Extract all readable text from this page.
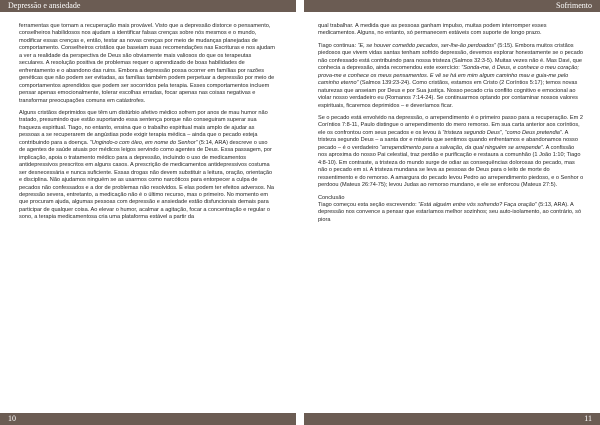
Depressão e ansiedade	Sofrimento

ferramentas que tornam a recuperação mais provável. Visto que a depressão distorce o pensamento, conselheiros habilidosos nos ajudam a identificar falsas crenças sobre nós mesmos e o mundo, modificar essas crenças e, então, testar as novas crenças por meio de mudanças planejadas de comportamento. Conselheiros cristãos que baseiam suas recomendações nas Escrituras e nos ajudam a ver a realidade da perspectiva de Deus são obviamente mais valiosos do que os terapeutas seculares. A resolução positiva de problemas requer o aprendizado de boas habilidades de enfrentamento e o abandono das ruins. Embora a depressão possa ocorrer em famílias por razões genéticas que não podem ser evitadas, as famílias também podem perpetuar a depressão por meio de comportamentos aprendidos que podem ser socorridos pela terapia. Esses comportamentos incluem pensar apenas emocionalmente, tolerar escolhas erradas, focar apenas nas coisas negativas e transformar preocupações comuns em catástrofes.

Alguns cristãos deprimidos que têm um distúrbio afetivo médico sofrem por anos de mau humor não tratado, presumindo que estão suportando essa sentença porque não conseguiram superar sua fraqueza espiritual. Tiago, no entanto, ensina que o trabalho espiritual mais amplo de ajudar as pessoas a se recuperarem de angústias pode exigir terapia médica – ainda que o pecado esteja contribuindo para a doença. “Ungindo-o com óleo, em nome do Senhor” (5:14, ARA) descreve o uso de agentes de saúde atuais por médicos leigos servindo como agentes de Deus. Essa passagem, por implicação, apoia o tratamento médico para a depressão, incluindo o uso de medicamentos antidepressivos prescritos em alguns casos. A prescrição de medicamentos antidepressivos costuma ser desnecessária e nunca suficiente. Essas drogas não devem substituir a leitura, oração, orientação e disciplina. Não ajudamos ninguém se as usarmos como narcóticos para entorpecer a culpa de pecados não confessados e a dor de problemas não resolvidos. E elas podem ter efeitos adversos. Na depressão severa, entretanto, a medicação não é o último recurso, mas o primeiro. No momento em que procuram ajuda, algumas pessoas com depressão e ansiedade estão disfuncionais demais para participar de qualquer coisa. Ao elevar o humor, acalmar a agitação, focar a concentração e regular o sono, a terapia medicamentosa cria uma plataforma estável a partir da

qual trabalhar. À medida que as pessoas ganham impulso, muitas podem interromper esses medicamentos. Alguns, no entanto, só permanecem estáveis com suporte de longo prazo.

Tiago continua: “E, se houver cometido pecados, ser-lhe-ão perdoados” (5:15). Embora muitos cristãos piedosos que vivem vidas santas tenham sofrido depressão, devemos explorar honestamente se o pecado não confessado está contribuindo para nossa tristeza (Salmos 32:3-5). Muitas vezes não é. Mas Davi, que conhecia a depressão, ainda recomendou este exercício: “Sonda-me, ó Deus, e conhece o meu coração; prova-me e conhece os meus pensamentos. E vê se há em mim algum caminho mau e guia-me pelo caminho eterno” (Salmos 139:23-24). Como cristãos, estamos em Cristo (2 Coríntios 5:17); temos novas naturezas que anseiam por Deus e por Sua justiça. Nosso pecado cria conflito cognitivo e emocional ao violar nosso verdadeiro eu (Romanos 7:14-24). Se continuarmos optando por contaminar nossos valores espirituais, ficaremos deprimidos – e deveríamos ficar.

Se o pecado está envolvido na depressão, o arrependimento é o primeiro passo para a recuperação. Em 2 Coríntios 7:8-11, Paulo distingue o arrependimento do mero remorso. Em sua carta anterior aos coríntios, ele os confrontou com seus pecados e os levou à “tristeza segundo Deus”, “como Deus pretendia”. A tristeza segundo Deus – a santa dor e miséria que sentimos quando enfrentamos e abandonamos nosso pecado – é o verdadeiro “arrependimento para a salvação, da qual ninguém se arrepende”. A confissão nos aproxima do nosso Pai celestial, traz perdão e purificação e restaura a comunhão (1 João 1:10; Tiago 4:8-10). Em contraste, a tristeza do mundo surge de odiar as consequências dolorosas do pecado, mas não o pecado em si. A tristeza mundana se leva as pessoas de Deus para o leito de morte do ressentimento e do remorso. A amargura do pecado levou Pedro ao arrependimento piedoso, e o Senhor o perdoou (Mateus 26:74-75); levou Judas ao remorso mundano, e ele se enforcou (Mateus 27:5).

Conclusão

Tiago começou esta seção escrevendo: “Está alguém entre vós sofrendo? Faça oração” (5:13, ARA). A depressão nos convence a pensar que estaríamos melhor sozinhos; seu auto-isolamento, ao contrário, só piora

10	11
